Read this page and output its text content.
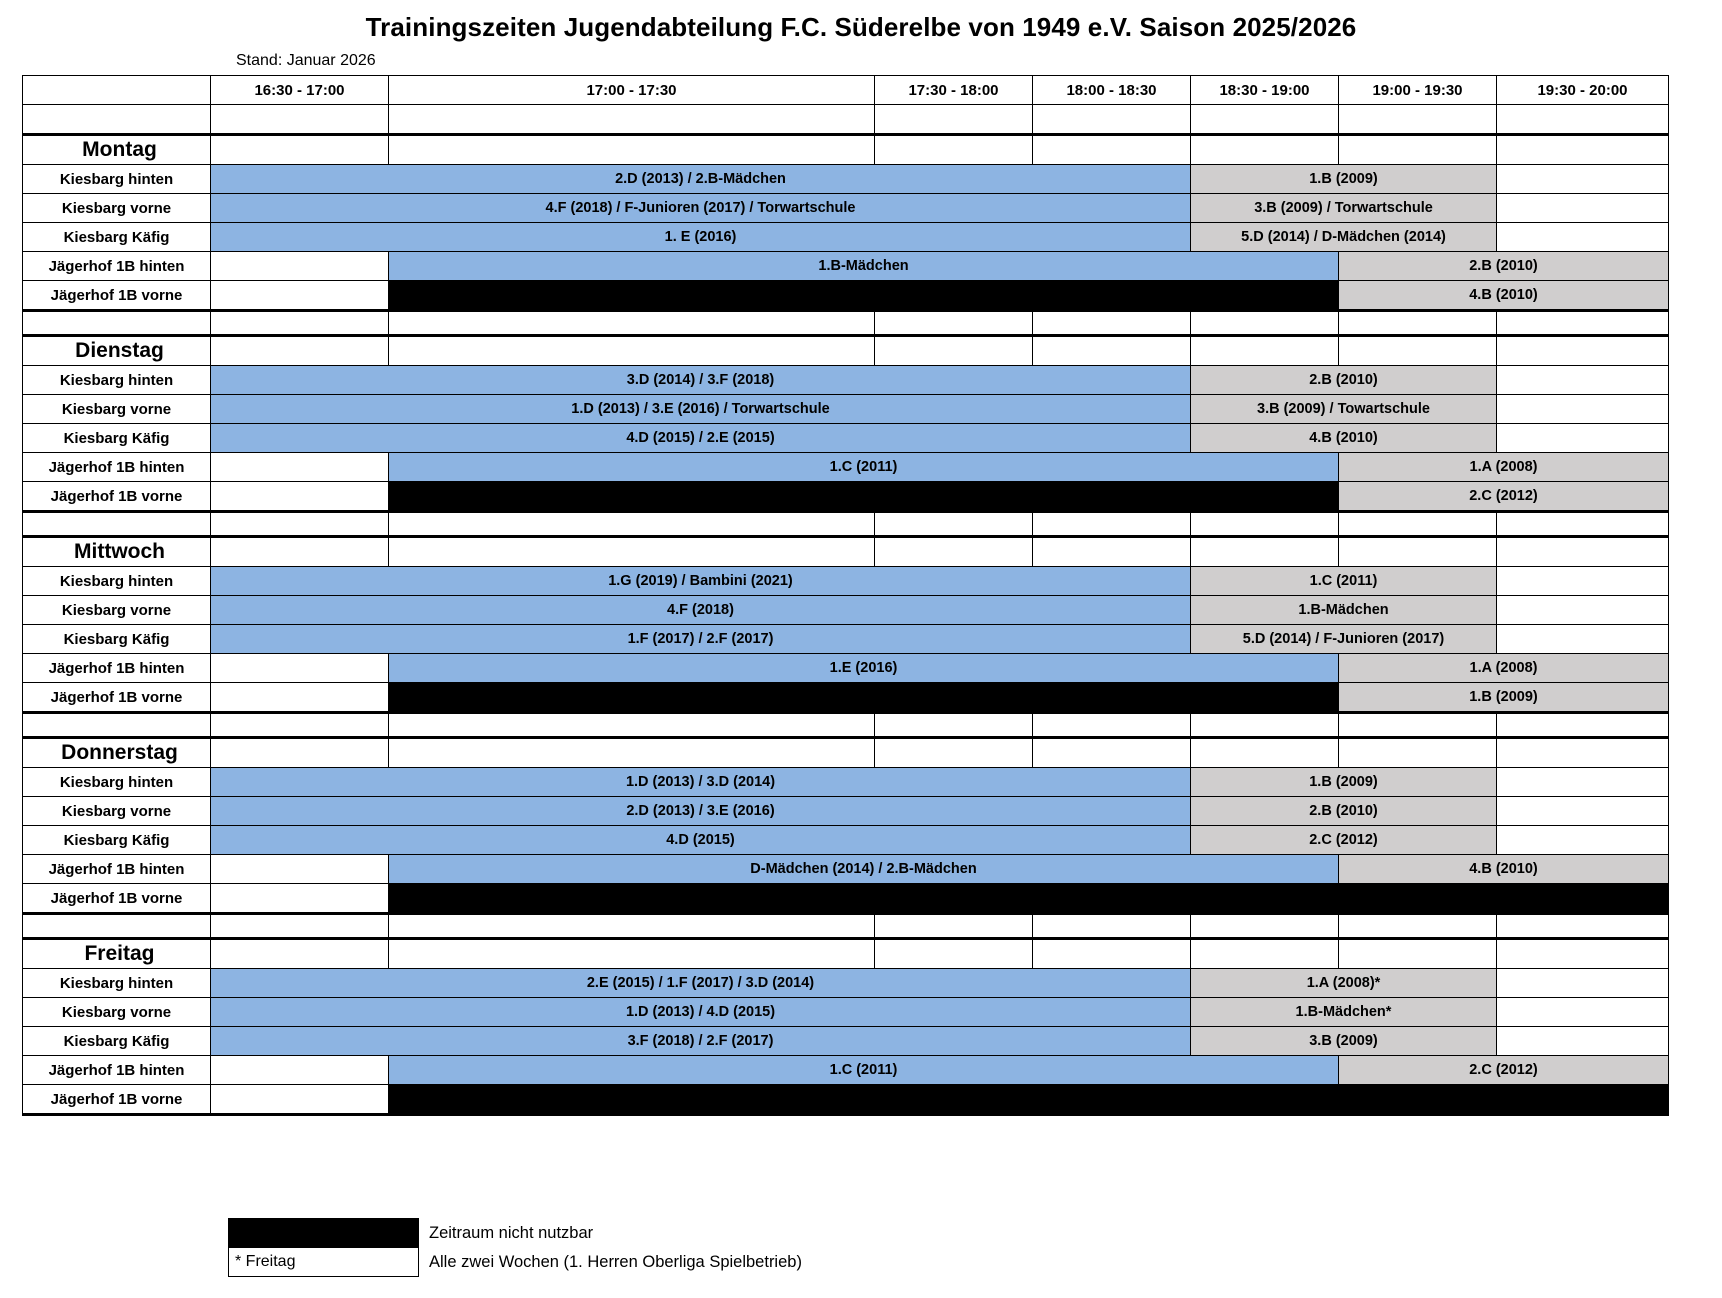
Trainingszeiten Jugendabteilung F.C. Süderelbe von 1949 e.V. Saison 2025/2026
Stand: Januar 2026
	16:30 - 17:00	17:00 - 17:30	17:30 - 18:00	18:00 - 18:30	18:30 - 19:00	19:00 - 19:30	19:30 - 20:00

Montag							
Kiesbarg hinten	2.D (2013) / 2.B-Mädchen				1.B (2009)		
Kiesbarg vorne	4.F (2018) / F-Junioren (2017) / Torwartschule				3.B (2009) / Torwartschule		
Kiesbarg Käfig	1. E (2016)				5.D (2014) / D-Mädchen (2014)		
Jägerhof 1B hinten		1.B-Mädchen				2.B (2010)	
Jägerhof 1B vorne						4.B (2010)	

Dienstag							
Kiesbarg hinten	3.D (2014) / 3.F (2018)				2.B (2010)		
Kiesbarg vorne	1.D (2013) / 3.E (2016) / Torwartschule				3.B (2009) / Towartschule		
Kiesbarg Käfig	4.D (2015) / 2.E (2015)				4.B (2010)		
Jägerhof 1B hinten		1.C (2011)				1.A (2008)	
Jägerhof 1B vorne						2.C (2012)	

Mittwoch							
Kiesbarg hinten	1.G (2019) / Bambini (2021)				1.C (2011)		
Kiesbarg vorne	4.F (2018)				1.B-Mädchen		
Kiesbarg Käfig	1.F (2017) / 2.F (2017)				5.D (2014) / F-Junioren (2017)		
Jägerhof 1B hinten		1.E (2016)				1.A (2008)	
Jägerhof 1B vorne						1.B (2009)	

Donnerstag							
Kiesbarg hinten	1.D (2013) / 3.D (2014)				1.B (2009)		
Kiesbarg vorne	2.D (2013) / 3.E (2016)				2.B (2010)		
Kiesbarg Käfig	4.D (2015)				2.C (2012)		
Jägerhof 1B hinten		D-Mädchen (2014) / 2.B-Mädchen				4.B (2010)	
Jägerhof 1B vorne							

Freitag							
Kiesbarg hinten	2.E (2015) / 1.F (2017) / 3.D (2014)				1.A (2008)*		
Kiesbarg vorne	1.D (2013) / 4.D (2015)				1.B-Mädchen*		
Kiesbarg Käfig	3.F (2018) / 2.F (2017)				3.B (2009)		
Jägerhof 1B hinten		1.C (2011)				2.C (2012)	
Jägerhof 1B vorne							
	Zeitraum nicht nutzbar
* Freitag	Alle zwei Wochen (1. Herren Oberliga Spielbetrieb)
